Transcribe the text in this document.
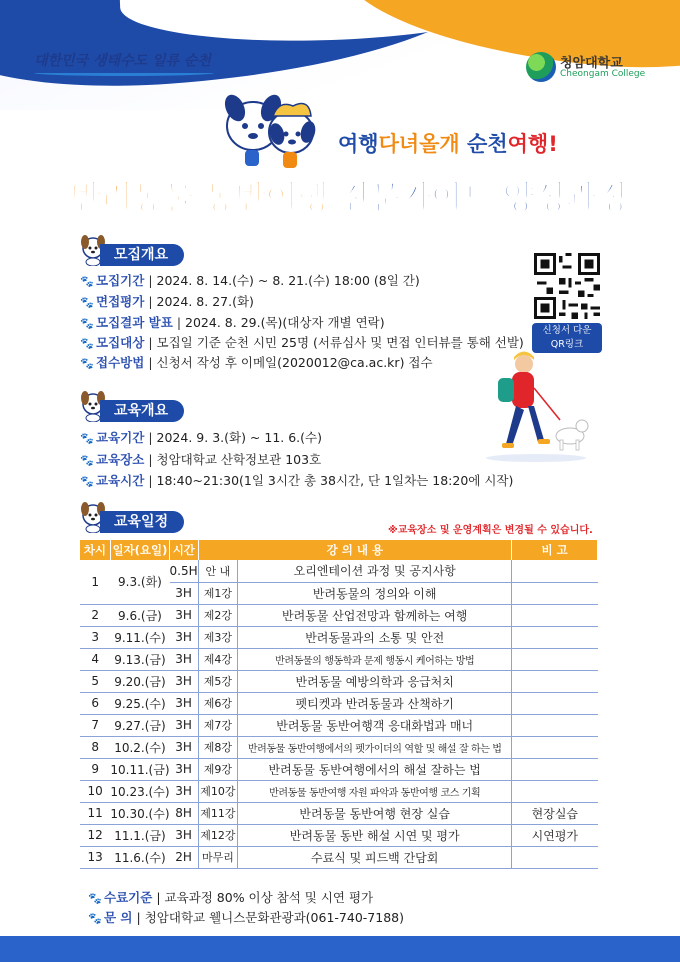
대한민국 생태수도 일류 순천	청암대학교
Cheongam College
여행다녀올개 순천여행!
반려동물 동반여행 전문가이드 양성과정
모집개요
🐾 모집기간 | 2024. 8. 14.(수) ~ 8. 21.(수) 18:00 (8일 간)
🐾 면접평가 | 2024. 8. 27.(화)
🐾 모집결과 발표 | 2024. 8. 29.(목)(대상자 개별 연락)
🐾 모집대상 | 모집일 기준 순천 시민 25명 (서류심사 및 면접 인터뷰를 통해 선발)
🐾 접수방법 | 신청서 작성 후 이메일(2020012@ca.ac.kr) 접수
신청서 다운
QR링크
교육개요
🐾 교육기간 | 2024. 9. 3.(화) ~ 11. 6.(수)
🐾 교육장소 | 청암대학교 산학정보관 103호
🐾 교육시간 | 18:40~21:30(1일 3시간 총 38시간, 단 1일차는 18:20에 시작)
교육일정
※교육장소 및 운영계획은 변경될 수 있습니다.
차시	일자(요일)	시간	강 의 내 용		비 고
1	9.3.(화)	0.5H	안 내	오리엔테이션 과정 및 공지사항	
		3H	제1강	반려동물의 정의와 이해	
2	9.6.(금)	3H	제2강	반려동물 산업전망과 함께하는 여행	
3	9.11.(수)	3H	제3강	반려동물과의 소통 및 안전	
4	9.13.(금)	3H	제4강	반려동물의 행동학과 문제 행동시 케어하는 방법	
5	9.20.(금)	3H	제5강	반려동물 예방의학과 응급처치	
6	9.25.(수)	3H	제6강	펫티켓과 반려동물과 산책하기	
7	9.27.(금)	3H	제7강	반려동물 동반여행객 응대화법과 매너	
8	10.2.(수)	3H	제8강	반려동물 동반여행에서의 펫가이더의 역할 및 해설 잘 하는 법	
9	10.11.(금)	3H	제9강	반려동물 동반여행에서의 해설 잘하는 법	
10	10.23.(수)	3H	제10강	반려동물 동반여행 자원 파악과 동반여행 코스 기획	
11	10.30.(수)	8H	제11강	반려동물 동반여행 현장 실습	현장실습
12	11.1.(금)	3H	제12강	반려동물 동반 해설 시연 및 평가	시연평가
13	11.6.(수)	2H	마무리	수료식 및 피드백 간담회	
🐾 수료기준 | 교육과정 80% 이상 참석 및 시연 평가
🐾 문 의 | 청암대학교 웰니스문화관광과(061-740-7188)
